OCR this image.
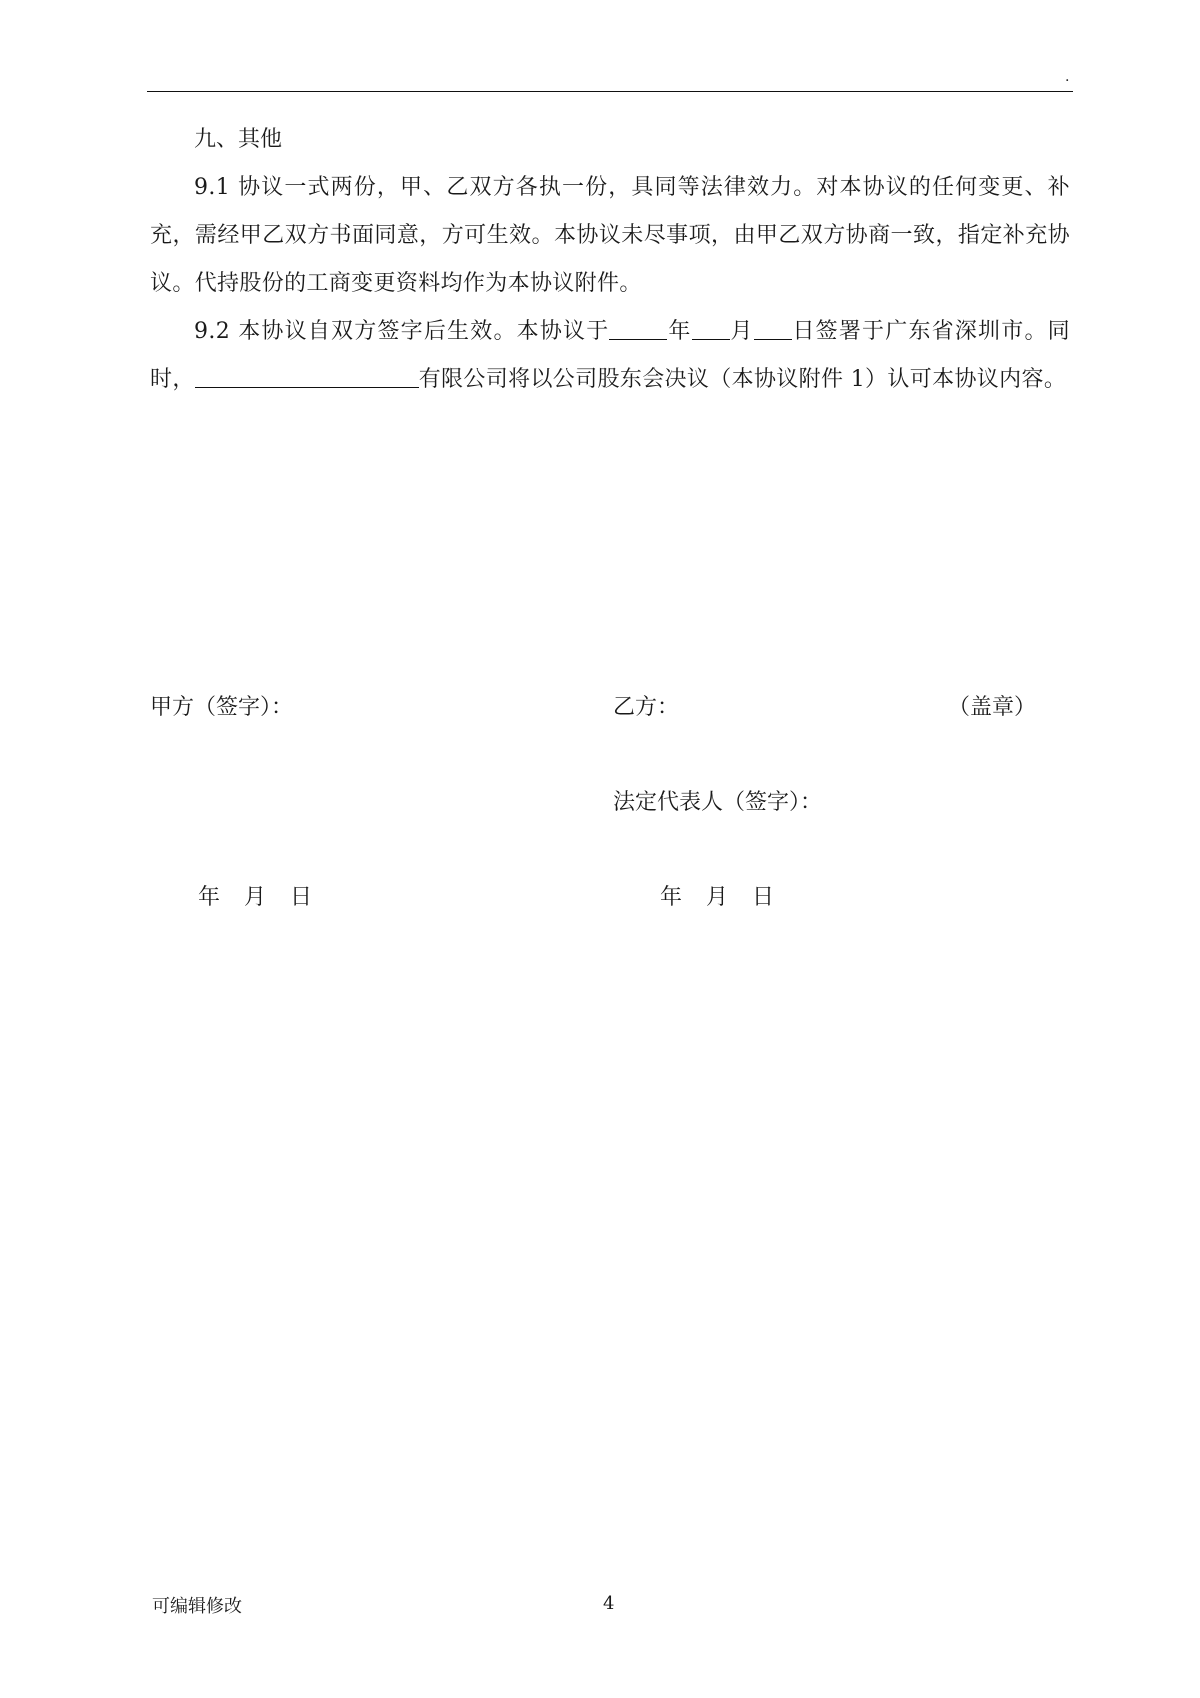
.
九、其他
9.1 协议一式两份，甲、乙双方各执一份，具同等法律效力。对本协议的任何变更、补充，需经甲乙双方书面同意，方可生效。本协议未尽事项，由甲乙双方协商一致，指定补充协议。代持股份的工商变更资料均作为本协议附件。
9.2 本协议自双方签字后生效。本协议于	年 月 日签署于广东省深圳市。同时，	有限公司将以公司股东会决议（本协议附件 1）认可本协议内容。
甲方（签字）：	乙方：	（盖章）
法定代表人（签字）：
年 月 日	年 月 日
可编辑修改	4
